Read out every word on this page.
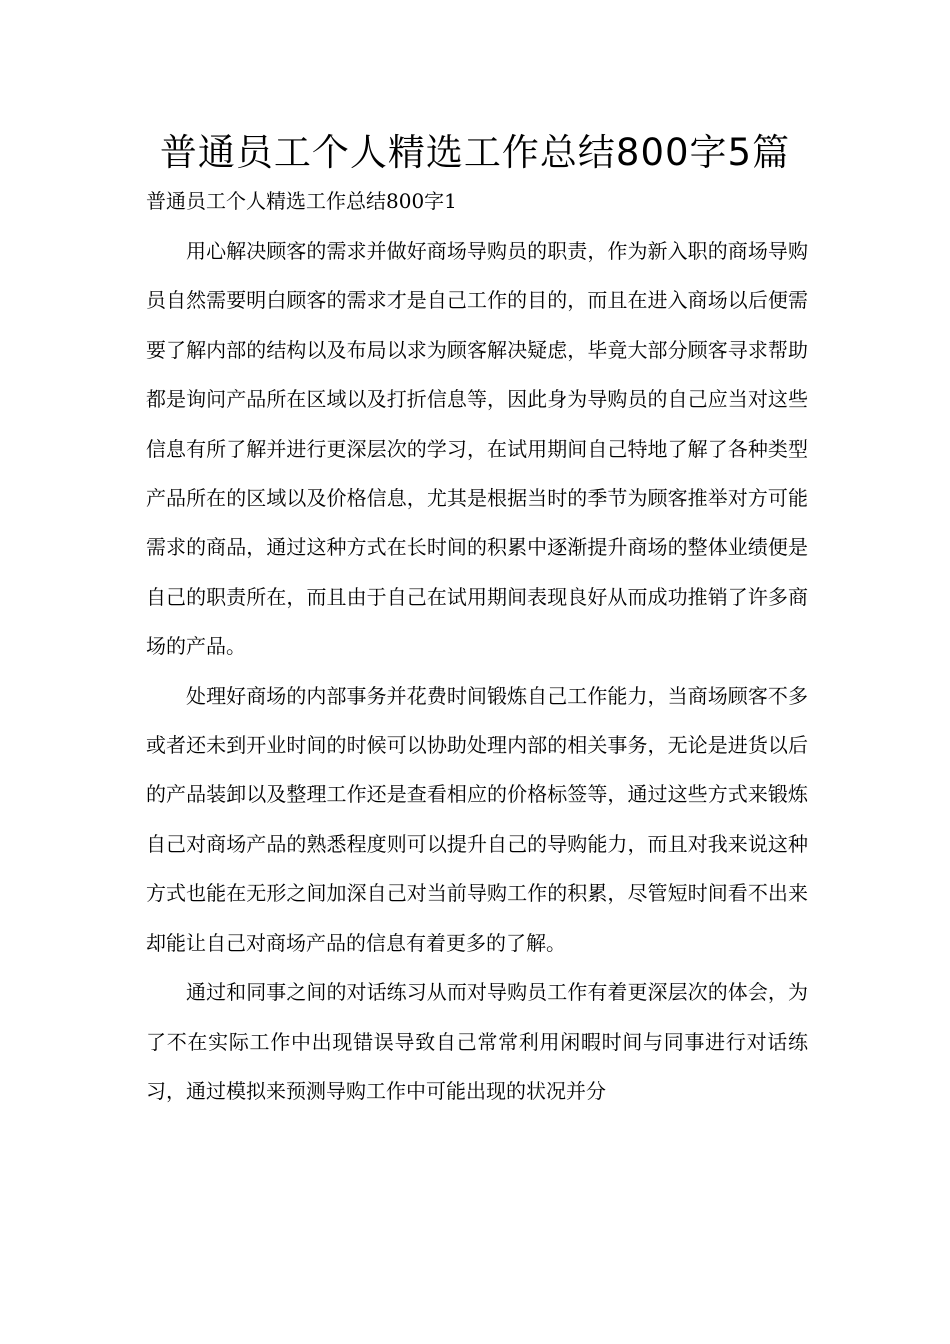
普通员工个人精选工作总结800字5篇

普通员工个人精选工作总结800字1

用心解决顾客的需求并做好商场导购员的职责，作为新入职的商场导购员自然需要明白顾客的需求才是自己工作的目的，而且在进入商场以后便需要了解内部的结构以及布局以求为顾客解决疑虑，毕竟大部分顾客寻求帮助都是询问产品所在区域以及打折信息等，因此身为导购员的自己应当对这些信息有所了解并进行更深层次的学习，在试用期间自己特地了解了各种类型产品所在的区域以及价格信息，尤其是根据当时的季节为顾客推举对方可能需求的商品，通过这种方式在长时间的积累中逐渐提升商场的整体业绩便是自己的职责所在，而且由于自己在试用期间表现良好从而成功推销了许多商场的产品。

处理好商场的内部事务并花费时间锻炼自己工作能力，当商场顾客不多或者还未到开业时间的时候可以协助处理内部的相关事务，无论是进货以后的产品装卸以及整理工作还是查看相应的价格标签等，通过这些方式来锻炼自己对商场产品的熟悉程度则可以提升自己的导购能力，而且对我来说这种方式也能在无形之间加深自己对当前导购工作的积累，尽管短时间看不出来却能让自己对商场产品的信息有着更多的了解。

通过和同事之间的对话练习从而对导购员工作有着更深层次的体会，为了不在实际工作中出现错误导致自己常常利用闲暇时间与同事进行对话练习，通过模拟来预测导购工作中可能出现的状况并分
